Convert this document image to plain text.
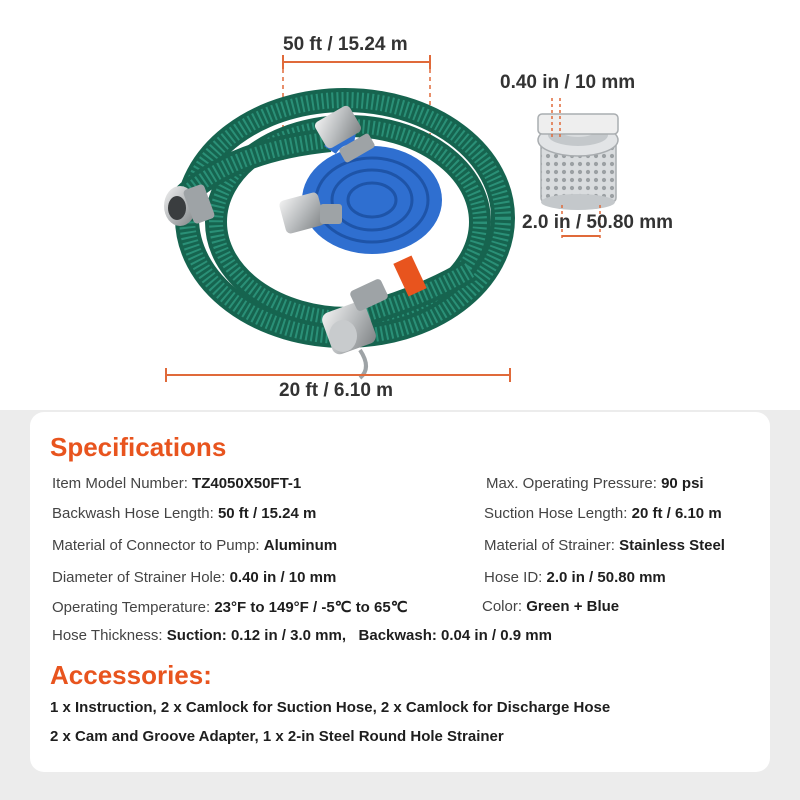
50 ft / 15.24 m
0.40 in / 10 mm
2.0 in / 50.80 mm
20 ft / 6.10 m
Specifications
Item Model Number: TZ4050X50FT-1	Max. Operating Pressure: 90 psi
Backwash Hose Length: 50 ft / 15.24 m	Suction Hose Length: 20 ft / 6.10 m
Material of Connector to Pump: Aluminum	Material of Strainer: Stainless Steel
Diameter of Strainer Hole: 0.40 in / 10 mm	Hose ID: 2.0 in / 50.80 mm
Operating Temperature: 23°F to 149°F / -5℃ to 65℃	Color: Green + Blue
Hose Thickness: Suction: 0.12 in / 3.0 mm, Backwash: 0.04 in / 0.9 mm
Accessories:
1 x Instruction, 2 x Camlock for Suction Hose, 2 x Camlock for Discharge Hose
2 x Cam and Groove Adapter, 1 x 2-in Steel Round Hole Strainer
